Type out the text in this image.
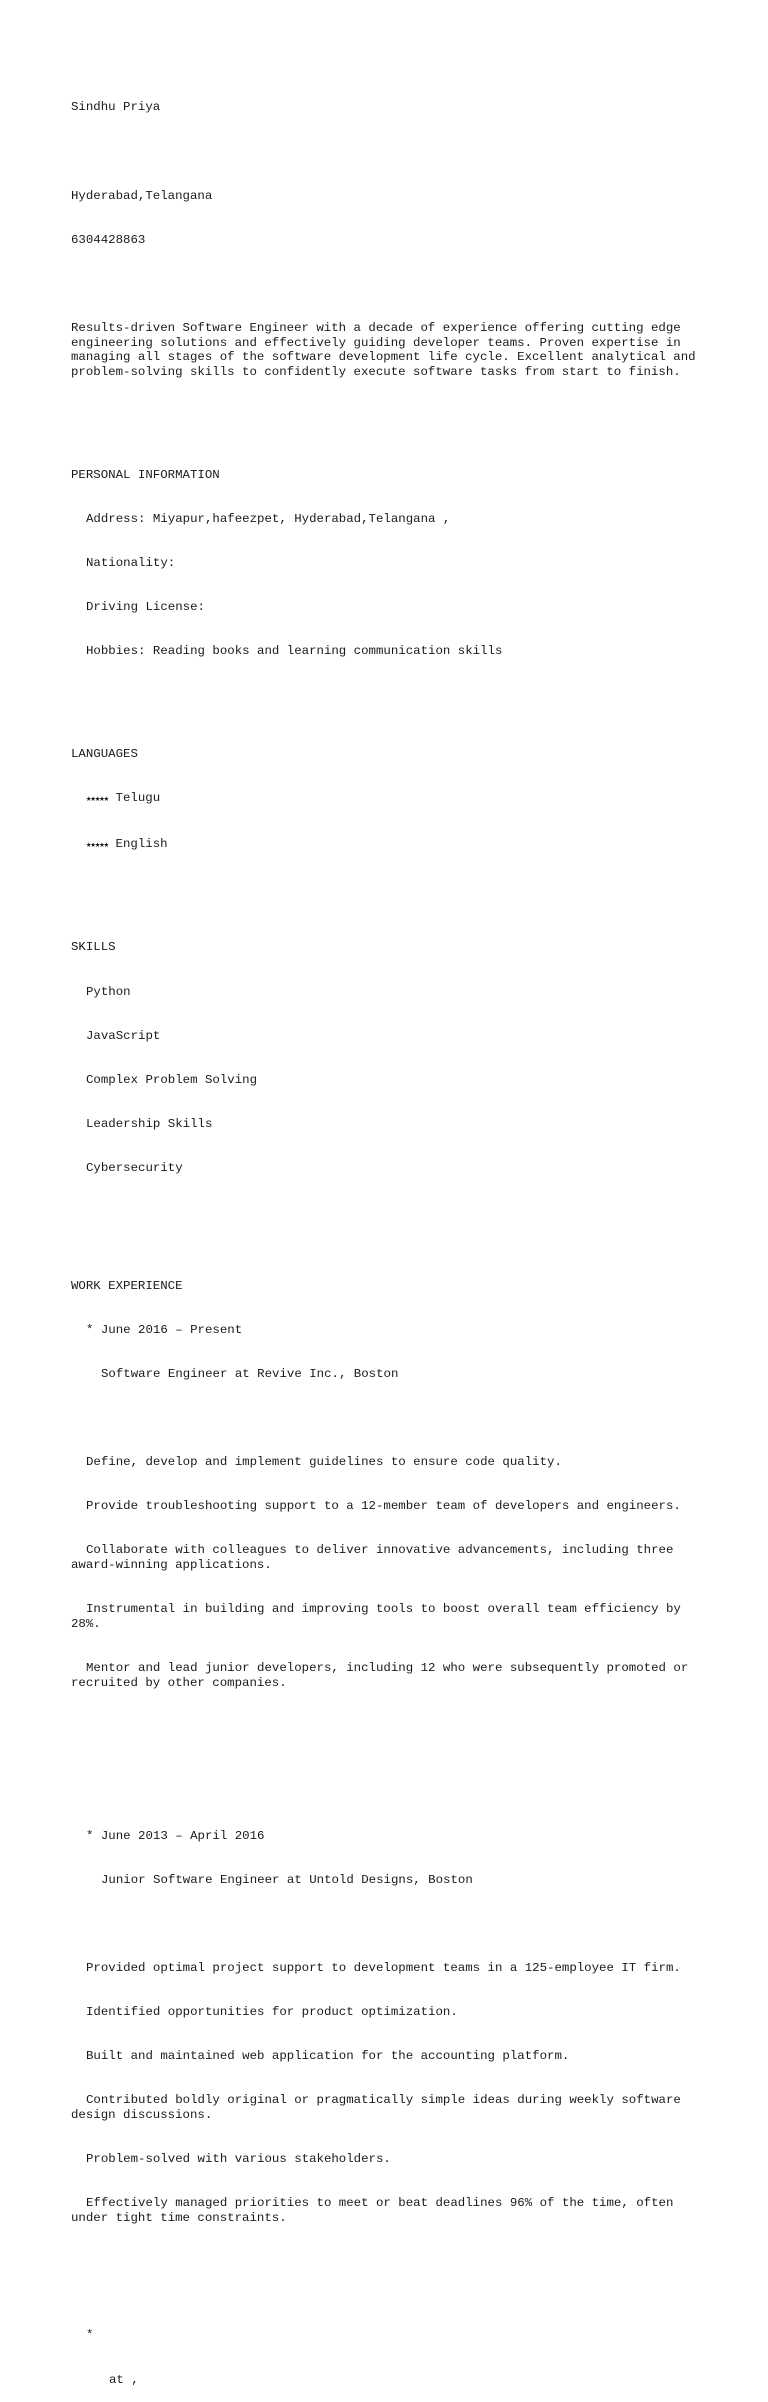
Sindhu Priya

Hyderabad,Telangana

6304428863

Results-driven Software Engineer with a decade of experience offering cutting edge engineering solutions and effectively guiding developer teams. Proven expertise in managing all stages of the software development life cycle. Excellent analytical and problem-solving skills to confidently execute software tasks from start to finish.

PERSONAL INFORMATION

Address: Miyapur,hafeezpet, Hyderabad,Telangana ,

Nationality:

Driving License:

Hobbies: Reading books and learning communication skills

LANGUAGES

★★★★★ Telugu

★★★★★ English

SKILLS

Python

JavaScript

Complex Problem Solving

Leadership Skills

Cybersecurity

WORK EXPERIENCE

* June 2016 – Present

Software Engineer at Revive Inc., Boston

Define, develop and implement guidelines to ensure code quality.

Provide troubleshooting support to a 12-member team of developers and engineers.

Collaborate with colleagues to deliver innovative advancements, including three award-winning applications.

Instrumental in building and improving tools to boost overall team efficiency by 28%.

Mentor and lead junior developers, including 12 who were subsequently promoted or recruited by other companies.

* June 2013 – April 2016

Junior Software Engineer at Untold Designs, Boston

Provided optimal project support to development teams in a 125-employee IT firm.

Identified opportunities for product optimization.

Built and maintained web application for the accounting platform.

Contributed boldly original or pragmatically simple ideas during weekly software design discussions.

Problem-solved with various stakeholders.

Effectively managed priorities to meet or beat deadlines 96% of the time, often under tight time constraints.

*

at ,
